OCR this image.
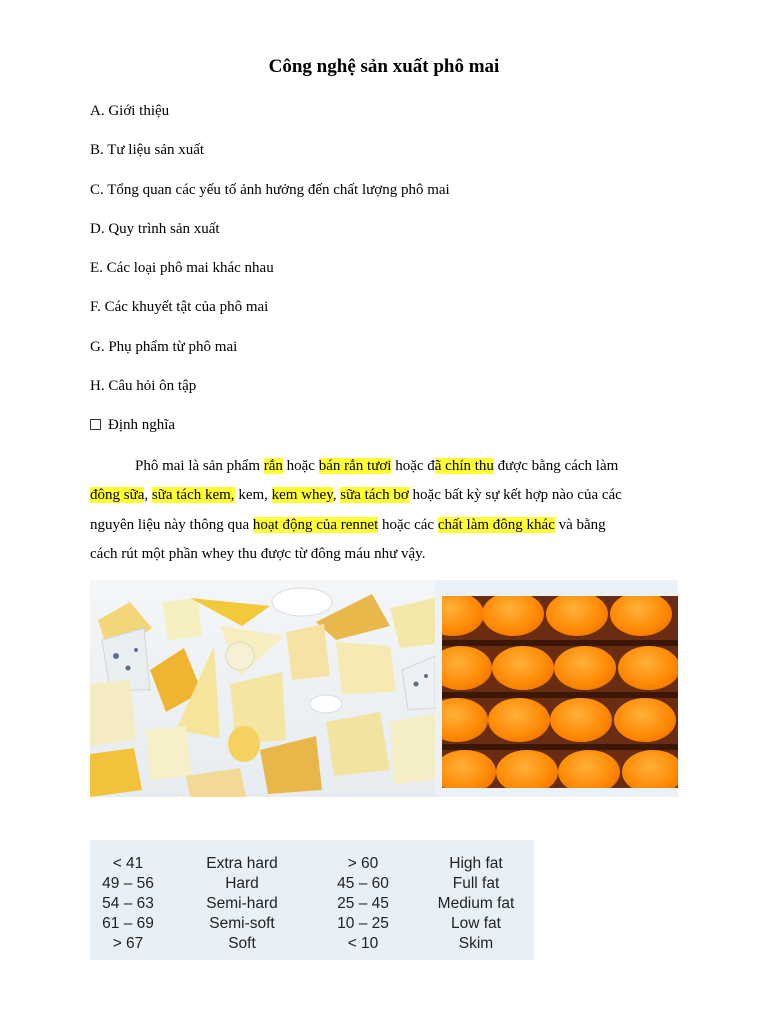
Công nghệ sản xuất phô mai
A. Giới thiệu
B. Tư liệu sản xuất
C. Tổng quan các yếu tố ảnh hưởng đến chất lượng phô mai
D. Quy trình sản xuất
E. Các loại phô mai khác nhau
F. Các khuyết tật của phô mai
G. Phụ phẩm từ phô mai
H. Câu hỏi ôn tập
Định nghĩa

Phô mai là sản phẩm rắn hoặc bán rắn tươi hoặc đã chín thu được bằng cách làm
đông sữa, sữa tách kem, kem, kem whey, sữa tách bơ hoặc bất kỳ sự kết hợp nào của các
nguyên liệu này thông qua hoạt động của rennet hoặc các chất làm đông khác và bằng
cách rút một phần whey thu được từ đông máu như vậy.

< 41	Extra hard	> 60	High fat
49 – 56	Hard	45 – 60	Full fat
54 – 63	Semi-hard	25 – 45	Medium fat
61 – 69	Semi-soft	10 – 25	Low fat
> 67	Soft	< 10	Skim
